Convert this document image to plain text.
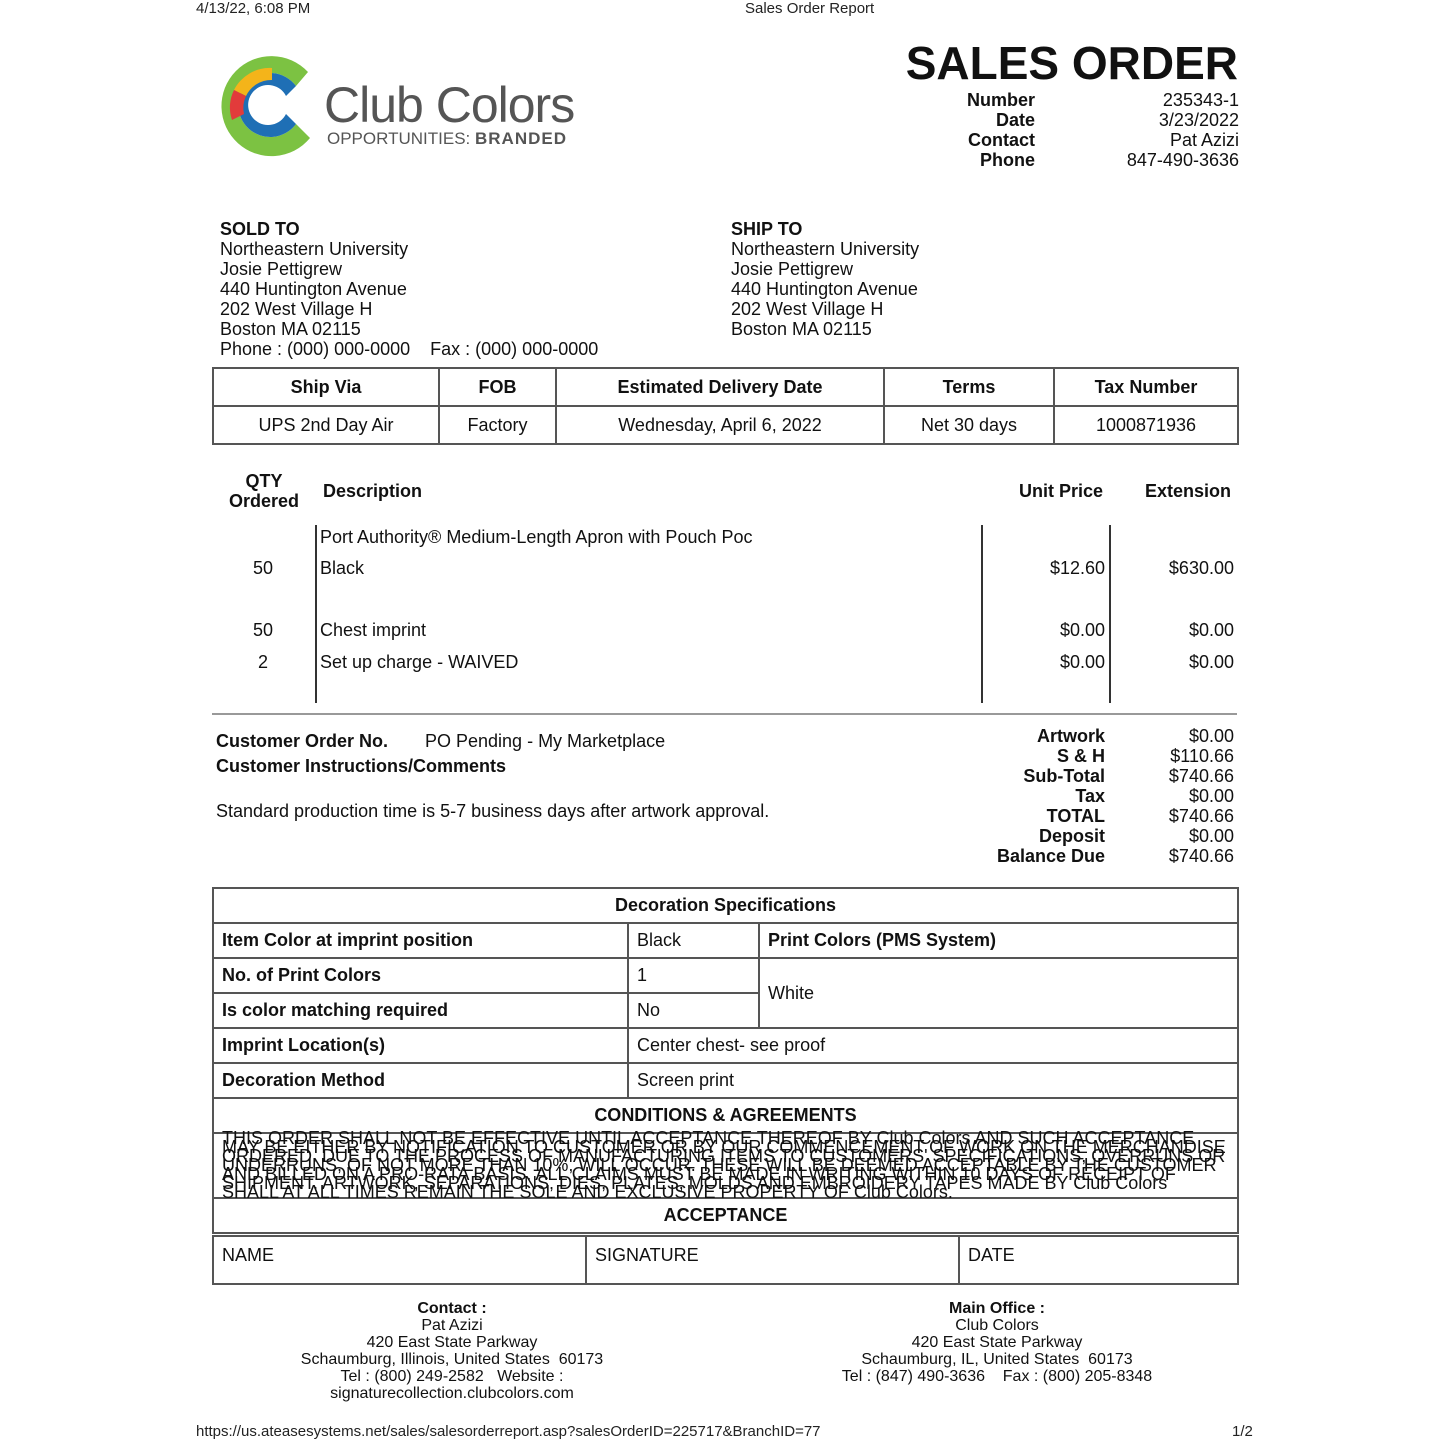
4/13/22, 6:08 PM	Sales Order Report
Club Colors
OPPORTUNITIES: BRANDED
SALES ORDER
Number	235343-1
Date	3/23/2022
Contact	Pat Azizi
Phone	847-490-3636
SOLD TO
Northeastern University
Josie Pettigrew
440 Huntington Avenue
202 West Village H
Boston MA 02115
Phone : (000) 000-0000    Fax : (000) 000-0000
SHIP TO
Northeastern University
Josie Pettigrew
440 Huntington Avenue
202 West Village H
Boston MA 02115
Ship Via	FOB	Estimated Delivery Date	Terms	Tax Number
UPS 2nd Day Air	Factory	Wednesday, April 6, 2022	Net 30 days	1000871936
QTY
Ordered	Description	Unit Price	Extension
Port Authority® Medium-Length Apron with Pouch Poc
50	Black	$12.60	$630.00
50	Chest imprint	$0.00	$0.00
2	Set up charge - WAIVED	$0.00	$0.00
Customer Order No. PO Pending - My Marketplace
Customer Instructions/Comments
Standard production time is 5-7 business days after artwork approval.
Artwork	$0.00
S & H	$110.66
Sub-Total	$740.66
Tax	$0.00
TOTAL	$740.66
Deposit	$0.00
Balance Due	$740.66
Decoration Specifications		
Item Color at imprint position	Black	Print Colors (PMS System)
No. of Print Colors	1	White
Is color matching required	No	
Imprint Location(s)	Center chest- see proof	
Decoration Method	Screen print	
CONDITIONS & AGREEMENTS		
THIS ORDER SHALL NOT BE EFFECTIVE UNTIL ACCEPTANCE THEREOF BY Club Colors AND SUCH ACCEPTANCE MAY BE EITHER BY NOTIFICATION TO CUSTOMER OR BY OUR COMMENCEMENT OF WORK ON THE MERCHANDISE ORDERED. DUE TO THE PROCESS OF MANUFACTURING ITEMS TO CUSTOMERS' SPECIFICATIONS, OVERRUNS OR UNDERRUNS, OF NOT MORE THAN 10%, WILL OCCUR. THESE WILL BE DEEMED ACCEPTABLE BY THE CUSTOMER AND BILLED ON A PRO-RATA BASIS. ALL CLAIMS MUST BE MADE IN WRITING WITHIN 10 DAYS OF RECEIPT OF SHIPMENT. ARTWORK, SEPARATIONS, DIES, PLATES, MOLDS AND EMBROIDERY TAPES MADE BY Club Colors SHALL AT ALL TIMES REMAIN THE SOLE AND EXCLUSIVE PROPERTY OF Club Colors.		
ACCEPTANCE		
NAME	SIGNATURE	DATE
Contact :
Pat Azizi
420 East State Parkway
Schaumburg, Illinois, United States  60173
Tel : (800) 249-2582   Website :
signaturecollection.clubcolors.com
Main Office :
Club Colors
420 East State Parkway
Schaumburg, IL, United States  60173
Tel : (847) 490-3636    Fax : (800) 205-8348
https://us.ateasesystems.net/sales/salesorderreport.asp?salesOrderID=225717&BranchID=77	1/2
